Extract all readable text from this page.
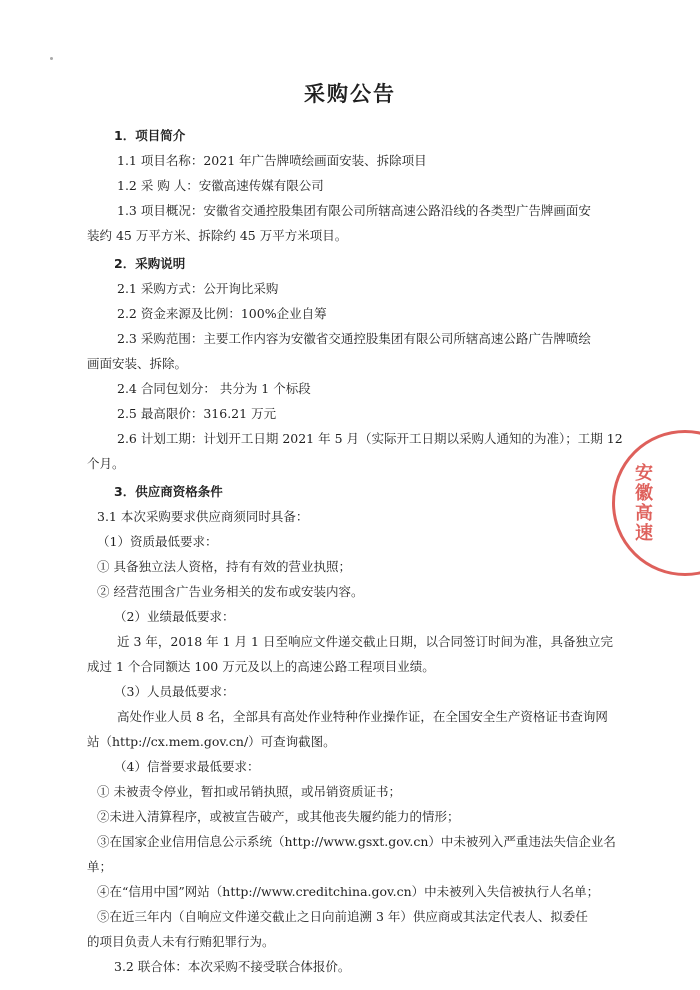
采购公告

1．项目简介

1.1 项目名称：2021 年广告牌喷绘画面安装、拆除项目

1.2 采 购 人：安徽高速传媒有限公司

1.3 项目概况：安徽省交通控股集团有限公司所辖高速公路沿线的各类型广告牌画面安

装约 45 万平方米、拆除约 45 万平方米项目。

2．采购说明

2.1 采购方式：公开询比采购

2.2 资金来源及比例：100%企业自筹

2.3 采购范围：主要工作内容为安徽省交通控股集团有限公司所辖高速公路广告牌喷绘

画面安装、拆除。

2.4 合同包划分： 共分为 1 个标段

2.5 最高限价：316.21 万元

2.6 计划工期：计划开工日期 2021 年 5 月（实际开工日期以采购人通知的为准）；工期 12

个月。

3．供应商资格条件

3.1 本次采购要求供应商须同时具备：

（1）资质最低要求：

① 具备独立法人资格，持有有效的营业执照；

② 经营范围含广告业务相关的发布或安装内容。

（2）业绩最低要求：

近 3 年，2018 年 1 月 1 日至响应文件递交截止日期，以合同签订时间为准，具备独立完

成过 1 个合同额达 100 万元及以上的高速公路工程项目业绩。

（3）人员最低要求：

高处作业人员 8 名，全部具有高处作业特种作业操作证，在全国安全生产资格证书查询网

站（http://cx.mem.gov.cn/）可查询截图。

（4）信誉要求最低要求：

① 未被责令停业，暂扣或吊销执照，或吊销资质证书；

②未进入清算程序，或被宣告破产，或其他丧失履约能力的情形；

③在国家企业信用信息公示系统（http://www.gsxt.gov.cn）中未被列入严重违法失信企业名

单；

④在“信用中国”网站（http://www.creditchina.gov.cn）中未被列入失信被执行人名单；

⑤在近三年内（自响应文件递交截止之日向前追溯 3 年）供应商或其法定代表人、拟委任

的项目负责人未有行贿犯罪行为。

3.2 联合体：本次采购不接受联合体报价。

安徽高速
